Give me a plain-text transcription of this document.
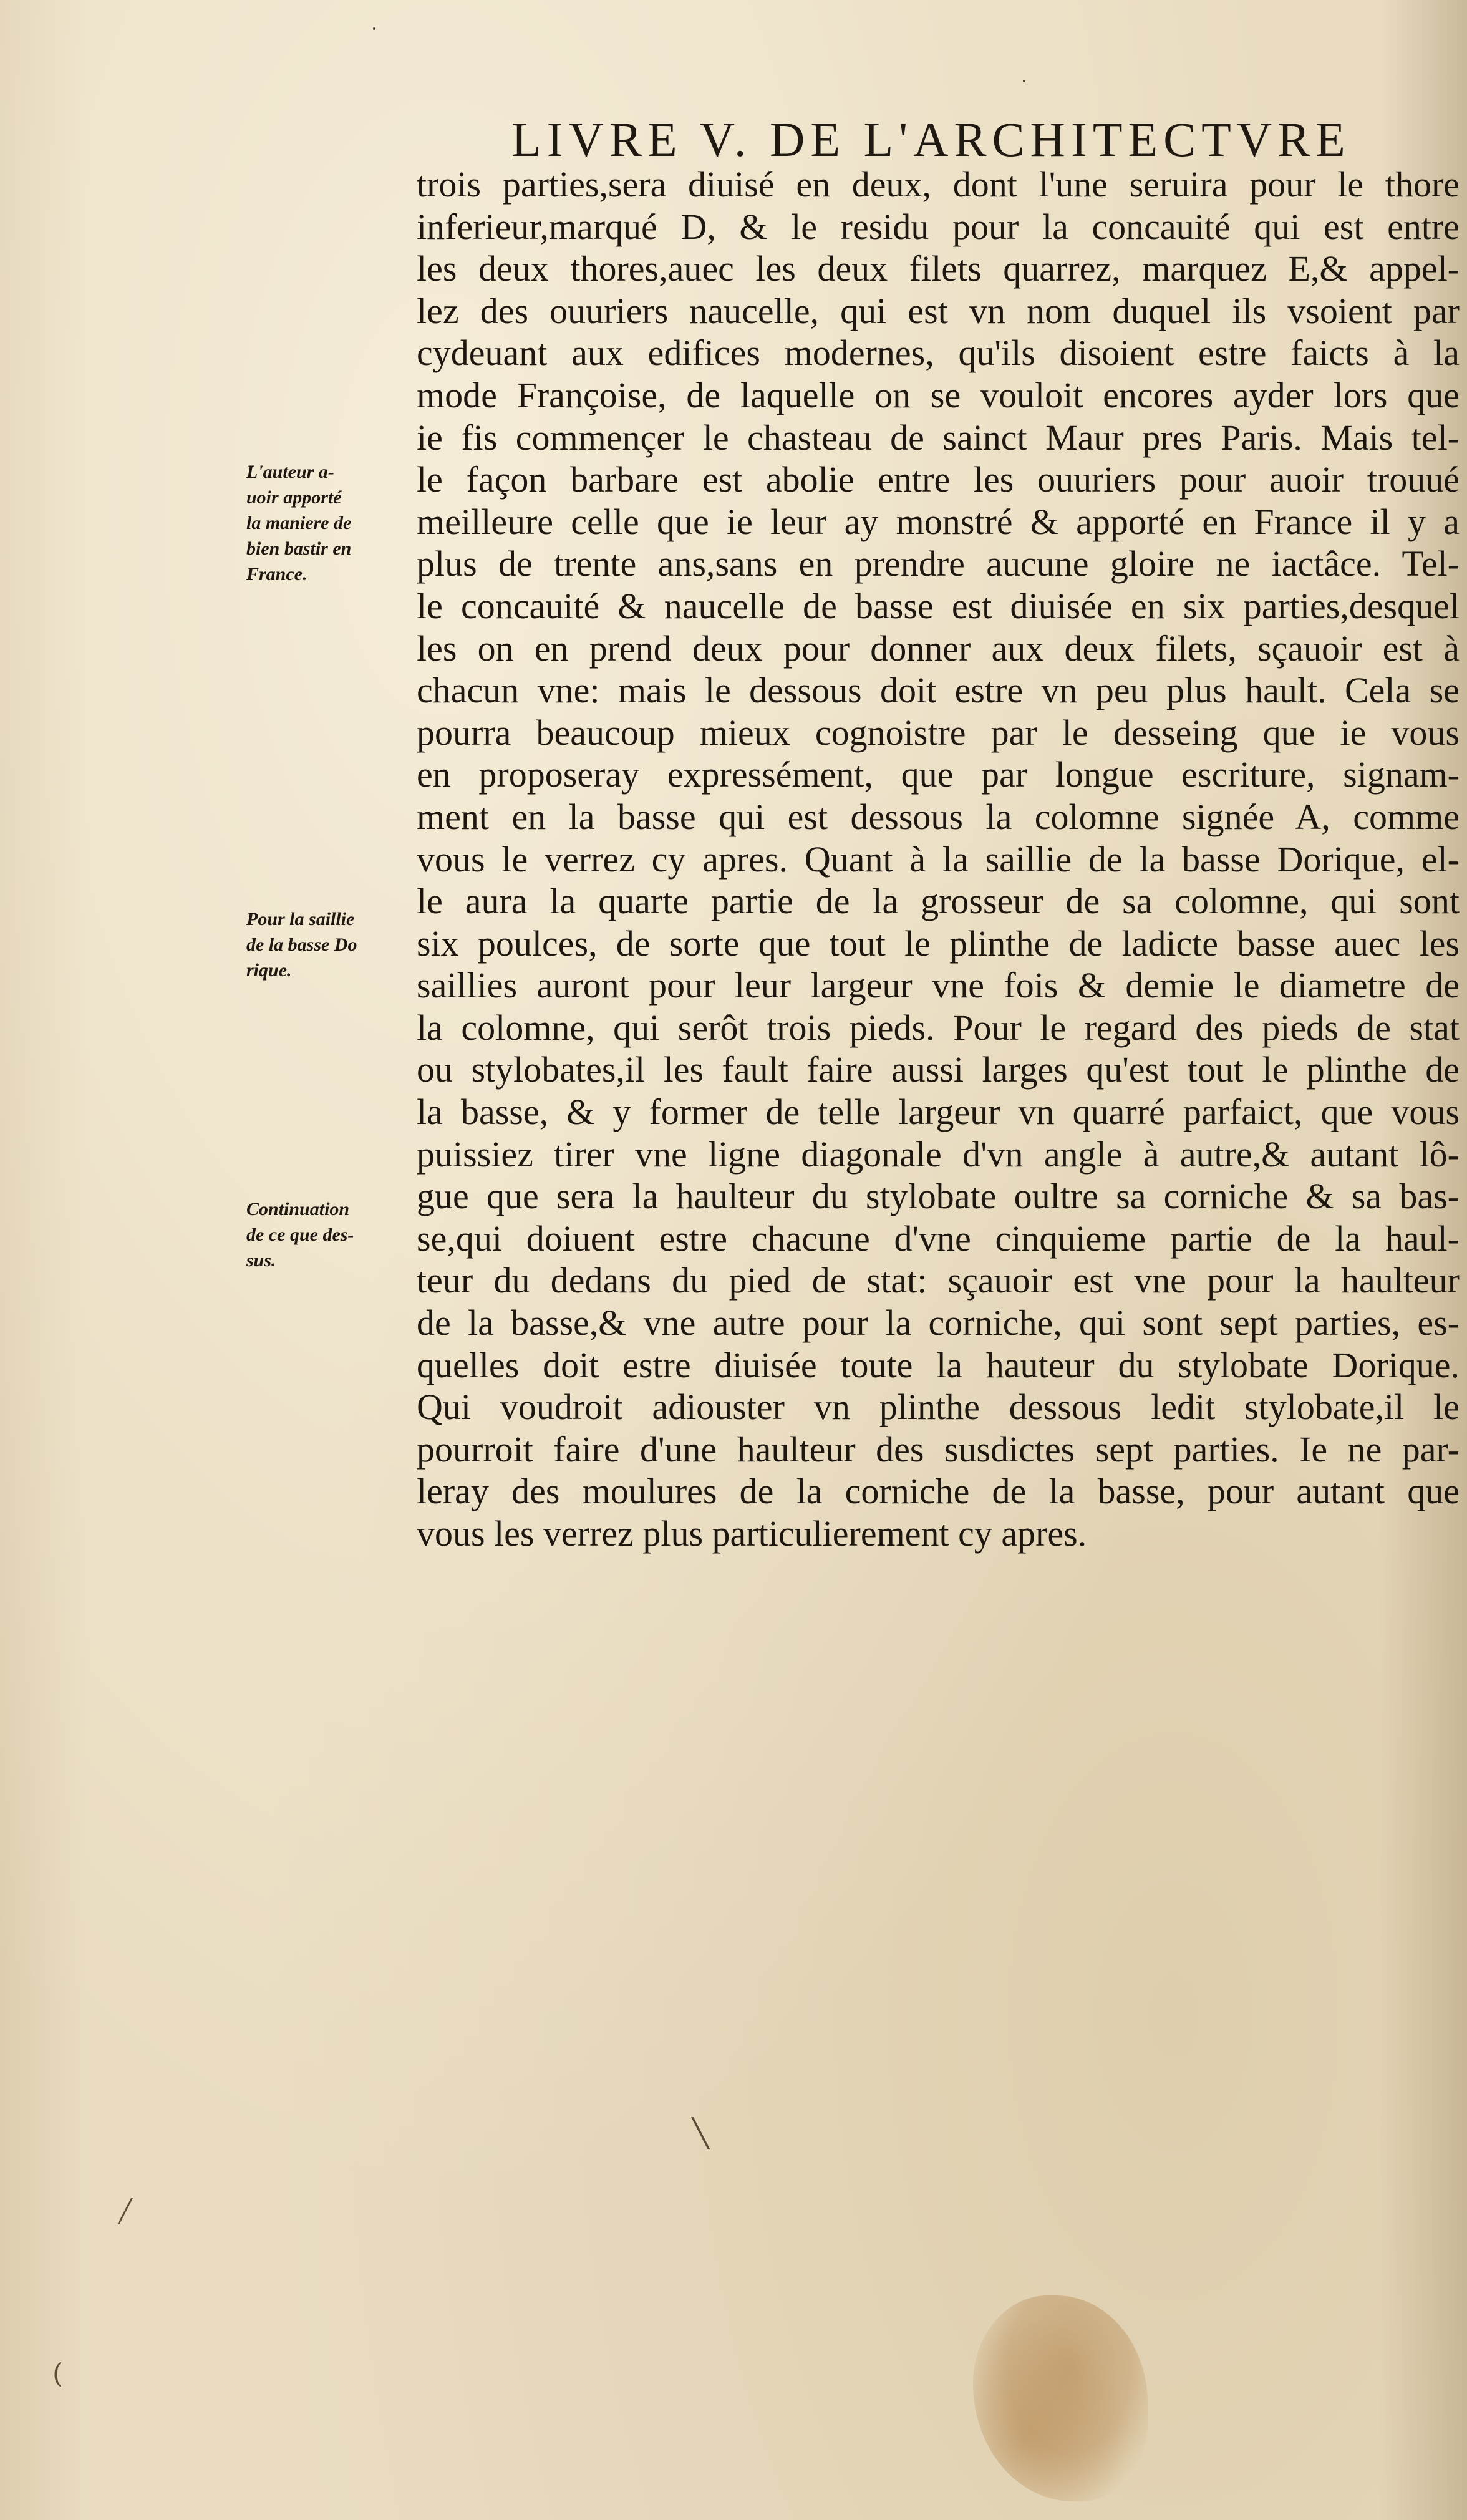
LIVRE V. DE L'ARCHITECTVRE
trois parties,sera diuisé en deux, dont l'une seruira pour le thore
inferieur,marqué D, & le residu pour la concauité qui est entre
les deux thores,auec les deux filets quarrez, marquez E,& appel-
lez des ouuriers naucelle, qui est vn nom duquel ils vsoient par
cydeuant aux edifices modernes, qu'ils disoient estre faicts à la
mode Françoise, de laquelle on se vouloit encores ayder lors que
ie fis commençer le chasteau de sainct Maur pres Paris. Mais tel-
le façon barbare est abolie entre les ouuriers pour auoir trouué
meilleure celle que ie leur ay monstré & apporté en France il y a
plus de trente ans,sans en prendre aucune gloire ne iactâce. Tel-
le concauité & naucelle de basse est diuisée en six parties,desquel
les on en prend deux pour donner aux deux filets, sçauoir est à
chacun vne: mais le dessous doit estre vn peu plus hault. Cela se
pourra beaucoup mieux cognoistre par le desseing que ie vous
en proposeray expressément, que par longue escriture, signam-
ment en la basse qui est dessous la colomne signée A, comme
vous le verrez cy apres. Quant à la saillie de la basse Dorique, el-
le aura la quarte partie de la grosseur de sa colomne, qui sont
six poulces, de sorte que tout le plinthe de ladicte basse auec les
saillies auront pour leur largeur vne fois & demie le diametre de
la colomne, qui serôt trois pieds. Pour le regard des pieds de stat
ou stylobates,il les fault faire aussi larges qu'est tout le plinthe de
la basse, & y former de telle largeur vn quarré parfaict, que vous
puissiez tirer vne ligne diagonale d'vn angle à autre,& autant lô-
gue que sera la haulteur du stylobate oultre sa corniche & sa bas-
se,qui doiuent estre chacune d'vne cinquieme partie de la haul-
teur du dedans du pied de stat: sçauoir est vne pour la haulteur
de la basse,& vne autre pour la corniche, qui sont sept parties, es-
quelles doit estre diuisée toute la hauteur du stylobate Dorique.
Qui voudroit adiouster vn plinthe dessous ledit stylobate,il le
pourroit faire d'une haulteur des susdictes sept parties. Ie ne par-
leray des moulures de la corniche de la basse, pour autant que
vous les verrez plus particulierement cy apres.
L'auteur a-
uoir apporté
la maniere de
bien bastir en
France.
Pour la saillie
de la basse Do
rique.
Continuation
de ce que des-
sus.
╲
╱
(
